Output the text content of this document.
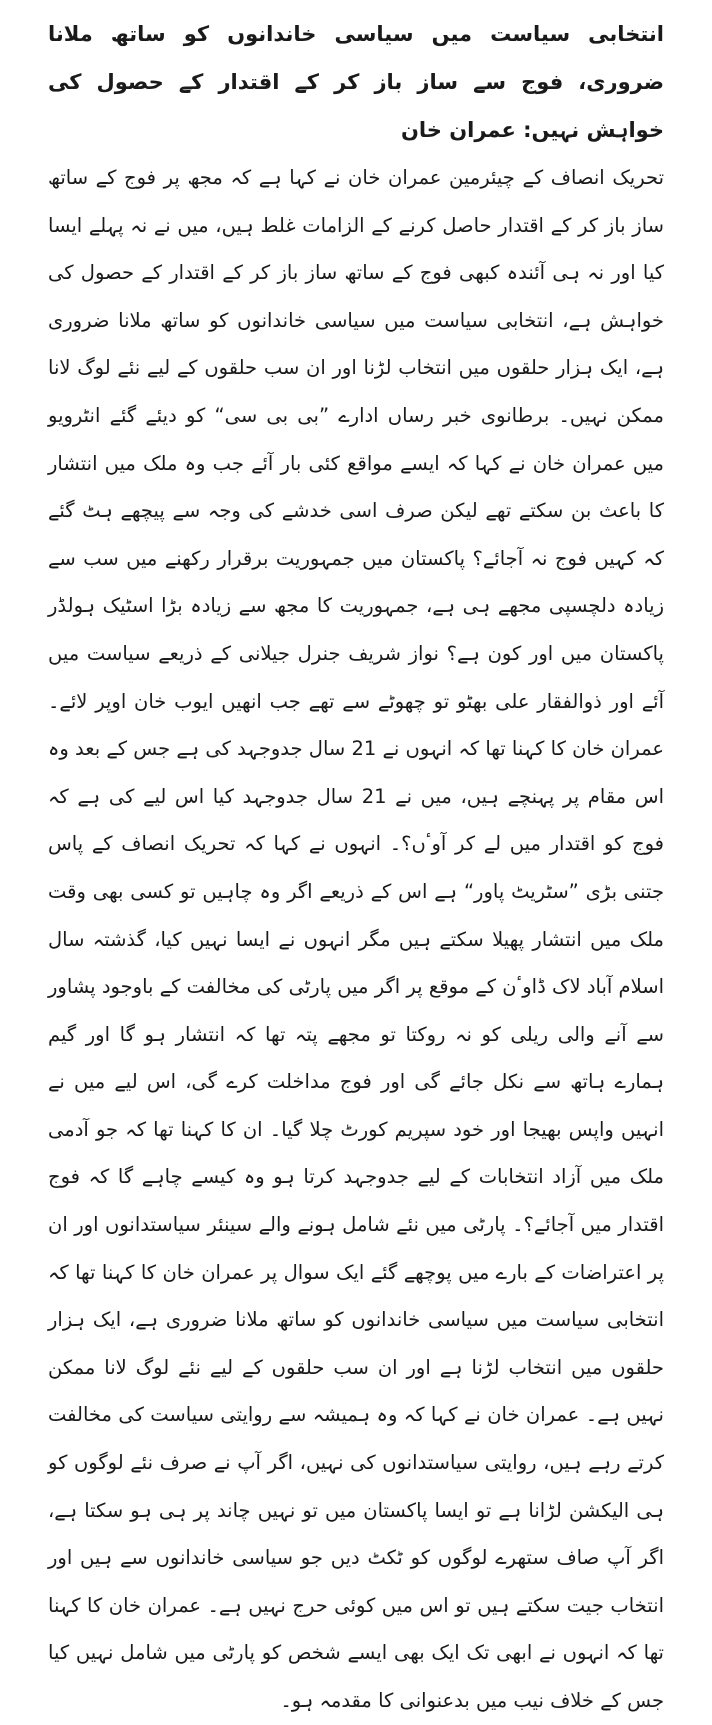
انتخابی سیاست میں سیاسی خاندانوں کو ساتھ ملانا ضروری، فوج سے ساز باز کر کے اقتدار کے حصول کی خواہش نہیں: عمران خان

تحریک انصاف کے چیئرمین عمران خان نے کہا ہے کہ مجھ پر فوج کے ساتھ ساز باز کر کے اقتدار حاصل کرنے کے الزامات غلط ہیں، میں نے نہ پہلے ایسا کیا اور نہ ہی آئندہ کبھی فوج کے ساتھ ساز باز کر کے اقتدار کے حصول کی خواہش ہے، انتخابی سیاست میں سیاسی خاندانوں کو ساتھ ملانا ضروری ہے، ایک ہزار حلقوں میں انتخاب لڑنا اور ان سب حلقوں کے لیے نئے لوگ لانا ممکن نہیں۔ برطانوی خبر رساں ادارے ”بی بی سی“ کو دیئے گئے انٹرویو میں عمران خان نے کہا کہ ایسے مواقع کئی بار آئے جب وہ ملک میں انتشار کا باعث بن سکتے تھے لیکن صرف اسی خدشے کی وجہ سے پیچھے ہٹ گئے کہ کہیں فوج نہ آجائے؟ پاکستان میں جمہوریت برقرار رکھنے میں سب سے زیادہ دلچسپی مجھے ہی ہے، جمہوریت کا مجھ سے زیادہ بڑا اسٹیک ہولڈر پاکستان میں اور کون ہے؟ نواز شریف جنرل جیلانی کے ذریعے سیاست میں آئے اور ذوالفقار علی بھٹو تو چھوٹے سے تھے جب انھیں ایوب خان اوپر لائے۔ عمران خان کا کہنا تھا کہ انہوں نے 21 سال جدوجہد کی ہے جس کے بعد وہ اس مقام پر پہنچے ہیں، میں نے 21 سال جدوجہد کیا اس لیے کی ہے کہ فوج کو اقتدار میں لے کر آوٴں؟۔ انہوں نے کہا کہ تحریک انصاف کے پاس جتنی بڑی ”سٹریٹ پاور“ ہے اس کے ذریعے اگر وہ چاہیں تو کسی بھی وقت ملک میں انتشار پھیلا سکتے ہیں مگر انہوں نے ایسا نہیں کیا، گذشتہ سال اسلام آباد لاک ڈاوٴن کے موقع پر اگر میں پارٹی کی مخالفت کے باوجود پشاور سے آنے والی ریلی کو نہ روکتا تو مجھے پتہ تھا کہ انتشار ہو گا اور گیم ہمارے ہاتھ سے نکل جائے گی اور فوج مداخلت کرے گی، اس لیے میں نے انہیں واپس بھیجا اور خود سپریم کورٹ چلا گیا۔ ان کا کہنا تھا کہ جو آدمی ملک میں آزاد انتخابات کے لیے جدوجہد کرتا ہو وہ کیسے چاہے گا کہ فوج اقتدار میں آجائے؟۔ پارٹی میں نئے شامل ہونے والے سینئر سیاستدانوں اور ان پر اعتراضات کے بارے میں پوچھے گئے ایک سوال پر عمران خان کا کہنا تھا کہ انتخابی سیاست میں سیاسی خاندانوں کو ساتھ ملانا ضروری ہے، ایک ہزار حلقوں میں انتخاب لڑنا ہے اور ان سب حلقوں کے لیے نئے لوگ لانا ممکن نہیں ہے۔ عمران خان نے کہا کہ وہ ہمیشہ سے روایتی سیاست کی مخالفت کرتے رہے ہیں، روایتی سیاستدانوں کی نہیں، اگر آپ نے صرف نئے لوگوں کو ہی الیکشن لڑانا ہے تو ایسا پاکستان میں تو نہیں چاند پر ہی ہو سکتا ہے، اگر آپ صاف ستھرے لوگوں کو ٹکٹ دیں جو سیاسی خاندانوں سے ہیں اور انتخاب جیت سکتے ہیں تو اس میں کوئی حرج نہیں ہے۔ عمران خان کا کہنا تھا کہ انہوں نے ابھی تک ایک بھی ایسے شخص کو پارٹی میں شامل نہیں کیا جس کے خلاف نیب میں بدعنوانی کا مقدمہ ہو۔
